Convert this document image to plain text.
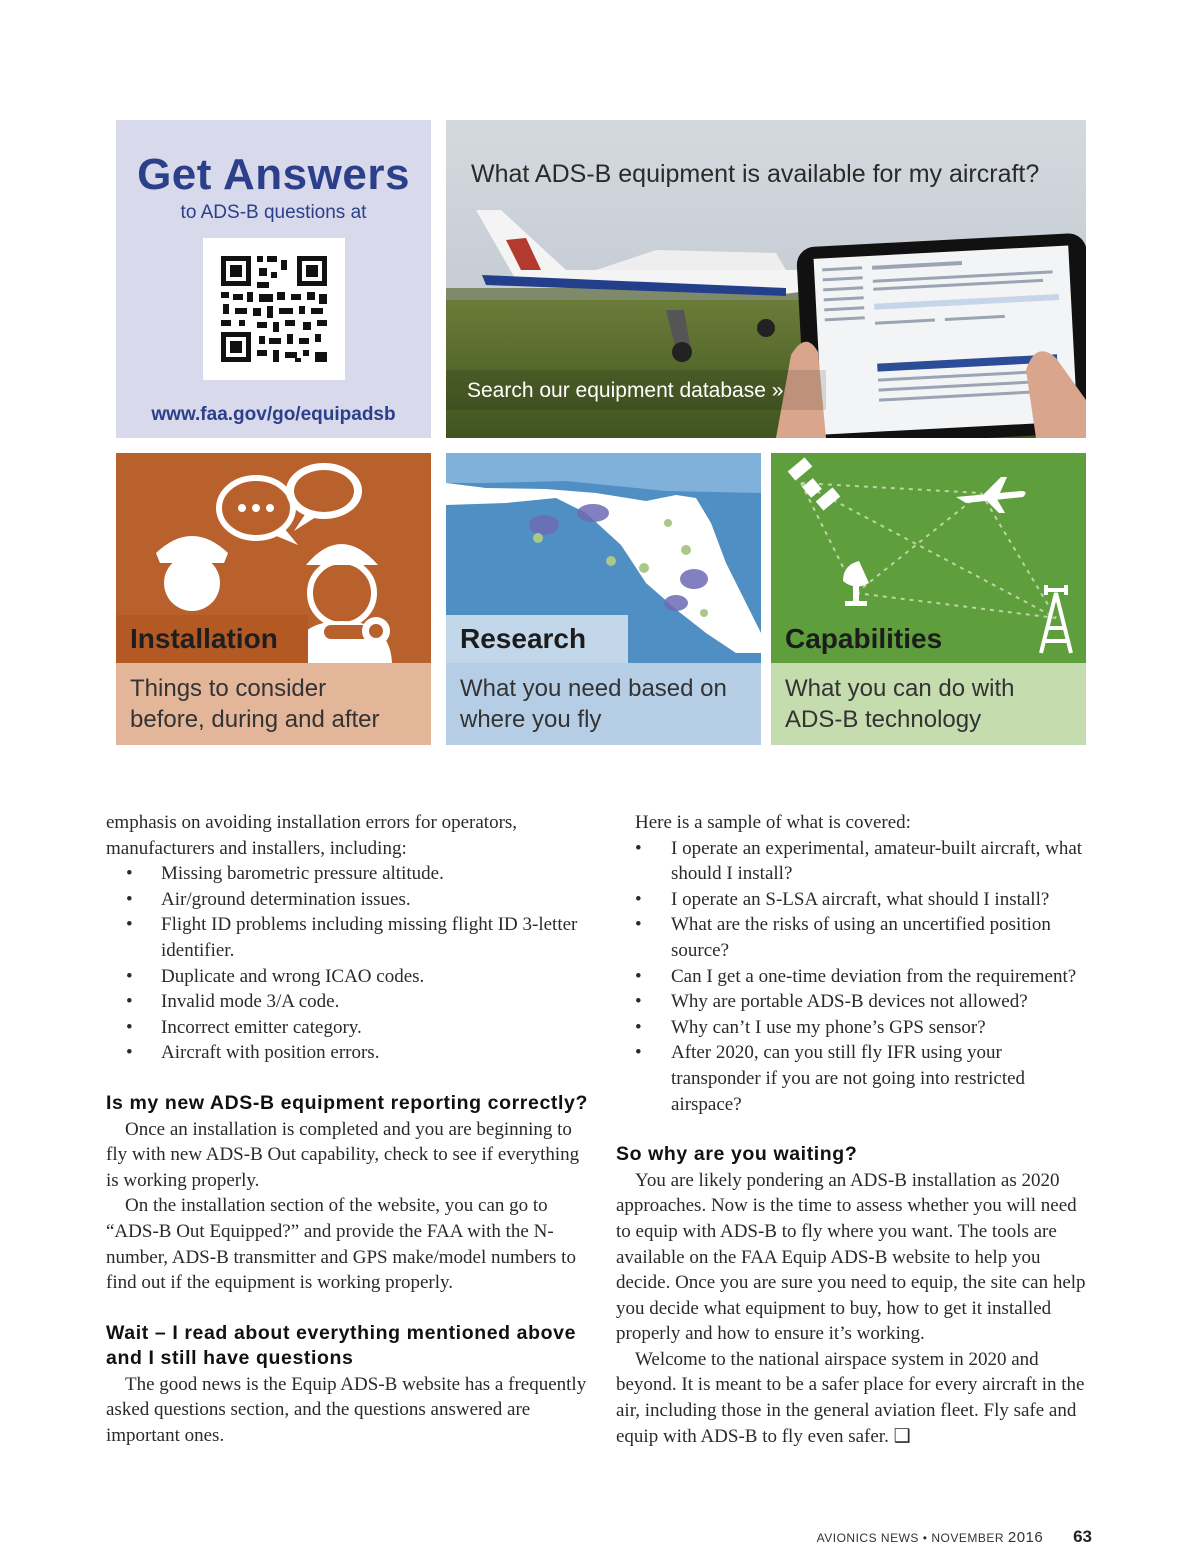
Get Answers
to ADS-B questions at
www.faa.gov/go/equipadsb
What ADS-B equipment is available for my aircraft?
Search our equipment database »
Installation
Things to consider
before, during and after
Research
What you need based on
where you fly
Capabilities
What you can do with
ADS-B technology

emphasis on avoiding installation errors for operators, manufacturers and installers, including:

• Missing barometric pressure altitude.
• Air/ground determination issues.
• Flight ID problems including missing flight ID 3-letter identifier.
• Duplicate and wrong ICAO codes.
• Invalid mode 3/A code.
• Incorrect emitter category.
• Aircraft with position errors.
Is my new ADS-B equipment reporting correctly?

Once an installation is completed and you are beginning to fly with new ADS-B Out capability, check to see if everything is working properly.

On the installation section of the website, you can go to “ADS-B Out Equipped?” and provide the FAA with the N-number, ADS-B transmitter and GPS make/model numbers to find out if the equipment is working properly.

Wait – I read about everything mentioned above and I still have questions

The good news is the Equip ADS-B website has a frequently asked questions section, and the questions answered are important ones.

Here is a sample of what is covered:

• I operate an experimental, amateur-built aircraft, what should I install?
• I operate an S-LSA aircraft, what should I install?
• What are the risks of using an uncertified position source?
• Can I get a one-time deviation from the requirement?
• Why are portable ADS-B devices not allowed?
• Why can’t I use my phone’s GPS sensor?
• After 2020, can you still fly IFR using your transponder if you are not going into restricted airspace?
So why are you waiting?

You are likely pondering an ADS-B installation as 2020 approaches. Now is the time to assess whether you will need to equip with ADS-B to fly where you want. The tools are available on the FAA Equip ADS-B website to help you decide. Once you are sure you need to equip, the site can help you decide what equipment to buy, how to get it installed properly and how to ensure it’s working.

Welcome to the national airspace system in 2020 and beyond. It is meant to be a safer place for every aircraft in the air, including those in the general aviation fleet. Fly safe and equip with ADS-B to fly even safer. ❑

AVIONICS NEWS • NOVEMBER 2016 63
